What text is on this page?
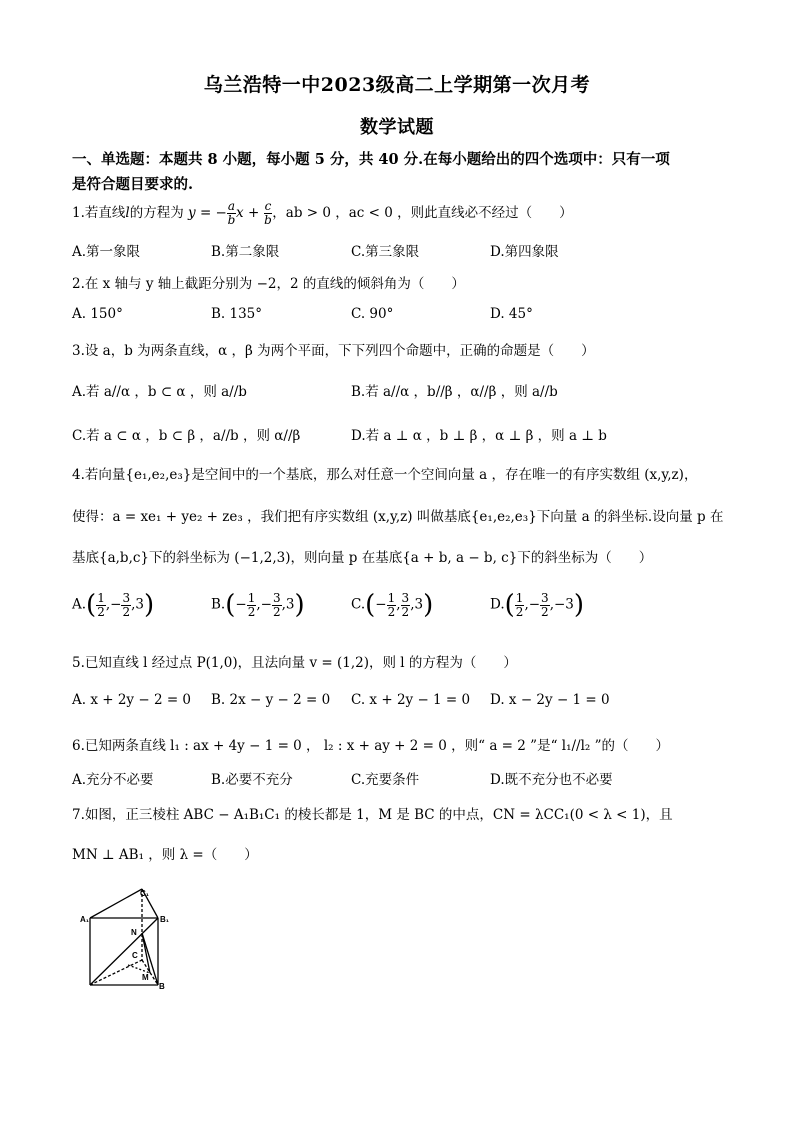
乌兰浩特一中2023级高二上学期第一次月考
数学试题
一、单选题：本题共 8 小题，每小题 5 分，共 40 分.在每小题给出的四个选项中：只有一项
是符合题目要求的.
1.若直线l的方程为 y = − $\frac{a}{b}$ $x + \frac{c}{b}$ ，ab > 0 ，ac < 0 ，则此直线必不经过（　　）
A.第一象限	B.第二象限	C.第三象限	D.第四象限
2.在 x 轴与 y 轴上截距分别为 −2，2 的直线的倾斜角为（　　）
A. 150°	B. 135°	C. 90°	D. 45°
3.设 a，b 为两条直线，α ，β 为两个平面，下下列四个命题中，正确的命题是（　　）
A.若 a//α ，b ⊂ α ，则 a//b	B.若 a//α ，b//β ，α//β ，则 a//b
C.若 a ⊂ α ，b ⊂ β ，a//b ，则 α//β	D.若 a ⊥ α ，b ⊥ β ，α ⊥ β ，则 a ⊥ b
4.若向量{e₁,e₂,e₃}是空间中的一个基底，那么对任意一个空间向量 a ，存在唯一的有序实数组 (x,y,z)，
使得：a = xe₁ + ye₂ + ze₃ ，我们把有序实数组 (x,y,z) 叫做基底{e₁,e₂,e₃}下向量 a 的斜坐标.设向量 p 在
基底{a,b,c}下的斜坐标为 (−1,2,3)，则向量 p 在基底{a + b, a − b, c}下的斜坐标为（　　）
$A.( \frac{1}{2}$ ,− $\frac{3}{2} ,3$)	$B.(- \frac{1}{2}$ ,− $\frac{3}{2} ,3$)	$C.(- \frac{1}{2}$ , $\frac{3}{2} ,3$)	$D.( \frac{1}{2}$ ,− $\frac{3}{2} ,-3$)
5.已知直线 l 经过点 P(1,0)，且法向量 v = (1,2)，则 l 的方程为（　　）
A. x + 2y − 2 = 0 B. 2x − y − 2 = 0 C. x + 2y − 1 = 0 D. x − 2y − 1 = 0
6.已知两条直线 l₁ : ax + 4y − 1 = 0 ， l₂ : x + ay + 2 = 0 ，则“ a = 2 ”是“ l₁//l₂ ”的（　　）
A.充分不必要	B.必要不充分	C.充要条件	D.既不充分也不必要
7.如图，正三棱柱 ABC − A₁B₁C₁ 的棱长都是 1，M 是 BC 的中点，CN = λCC₁(0 < λ < 1)，且
MN ⊥ AB₁ ，则 λ =（　　）
C₁
A₁	B₁
N
C
M
B
